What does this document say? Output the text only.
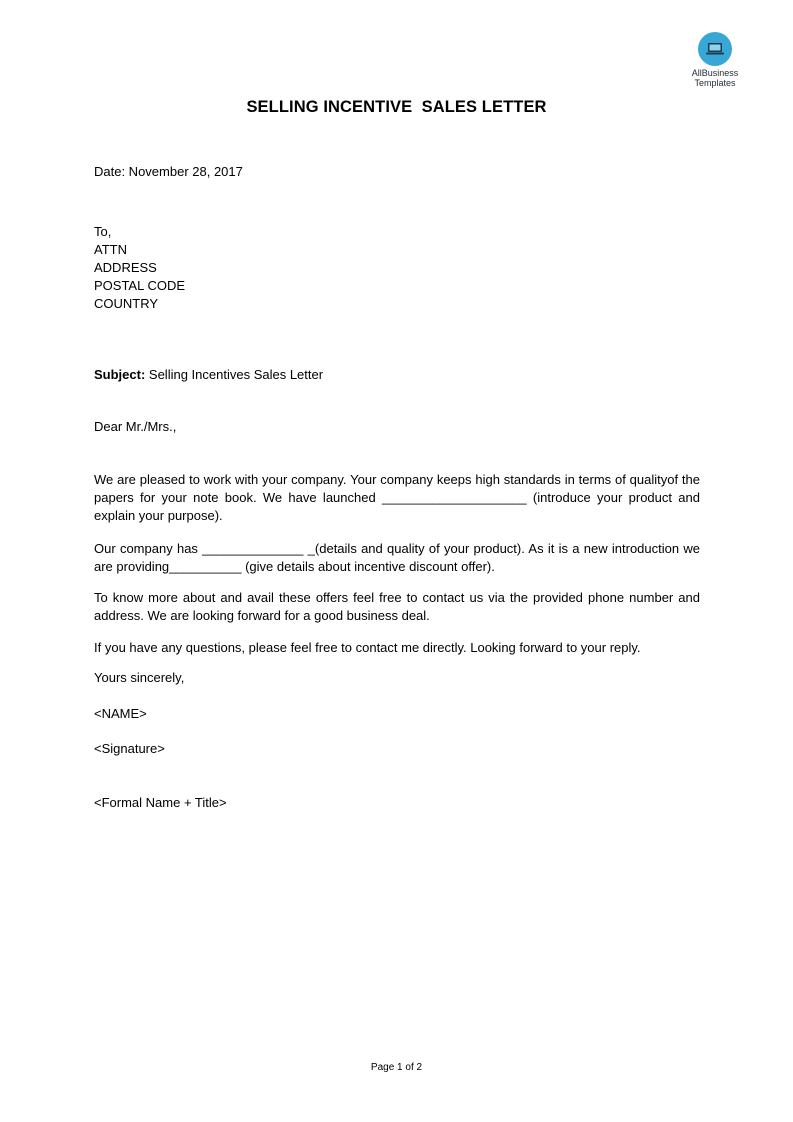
AllBusiness
Templates
SELLING INCENTIVE  SALES LETTER
Date: November 28, 2017
To,
ATTN
ADDRESS
POSTAL CODE
COUNTRY
Subject: Selling Incentives Sales Letter
Dear Mr./Mrs.,
We are pleased to work with your company. Your company keeps high standards in terms of qualityof the papers for your note book. We have launched ____________________ (introduce your product and explain your purpose).
Our company has ______________ _(details and quality of your product). As it is a new introduction we are providing__________ (give details about incentive discount offer).
To know more about and avail these offers feel free to contact us via the provided phone number and address. We are looking forward for a good business deal.
If you have any questions, please feel free to contact me directly. Looking forward to your reply.
Yours sincerely,
<NAME>
<Signature>
<Formal Name + Title>
Page 1 of 2
